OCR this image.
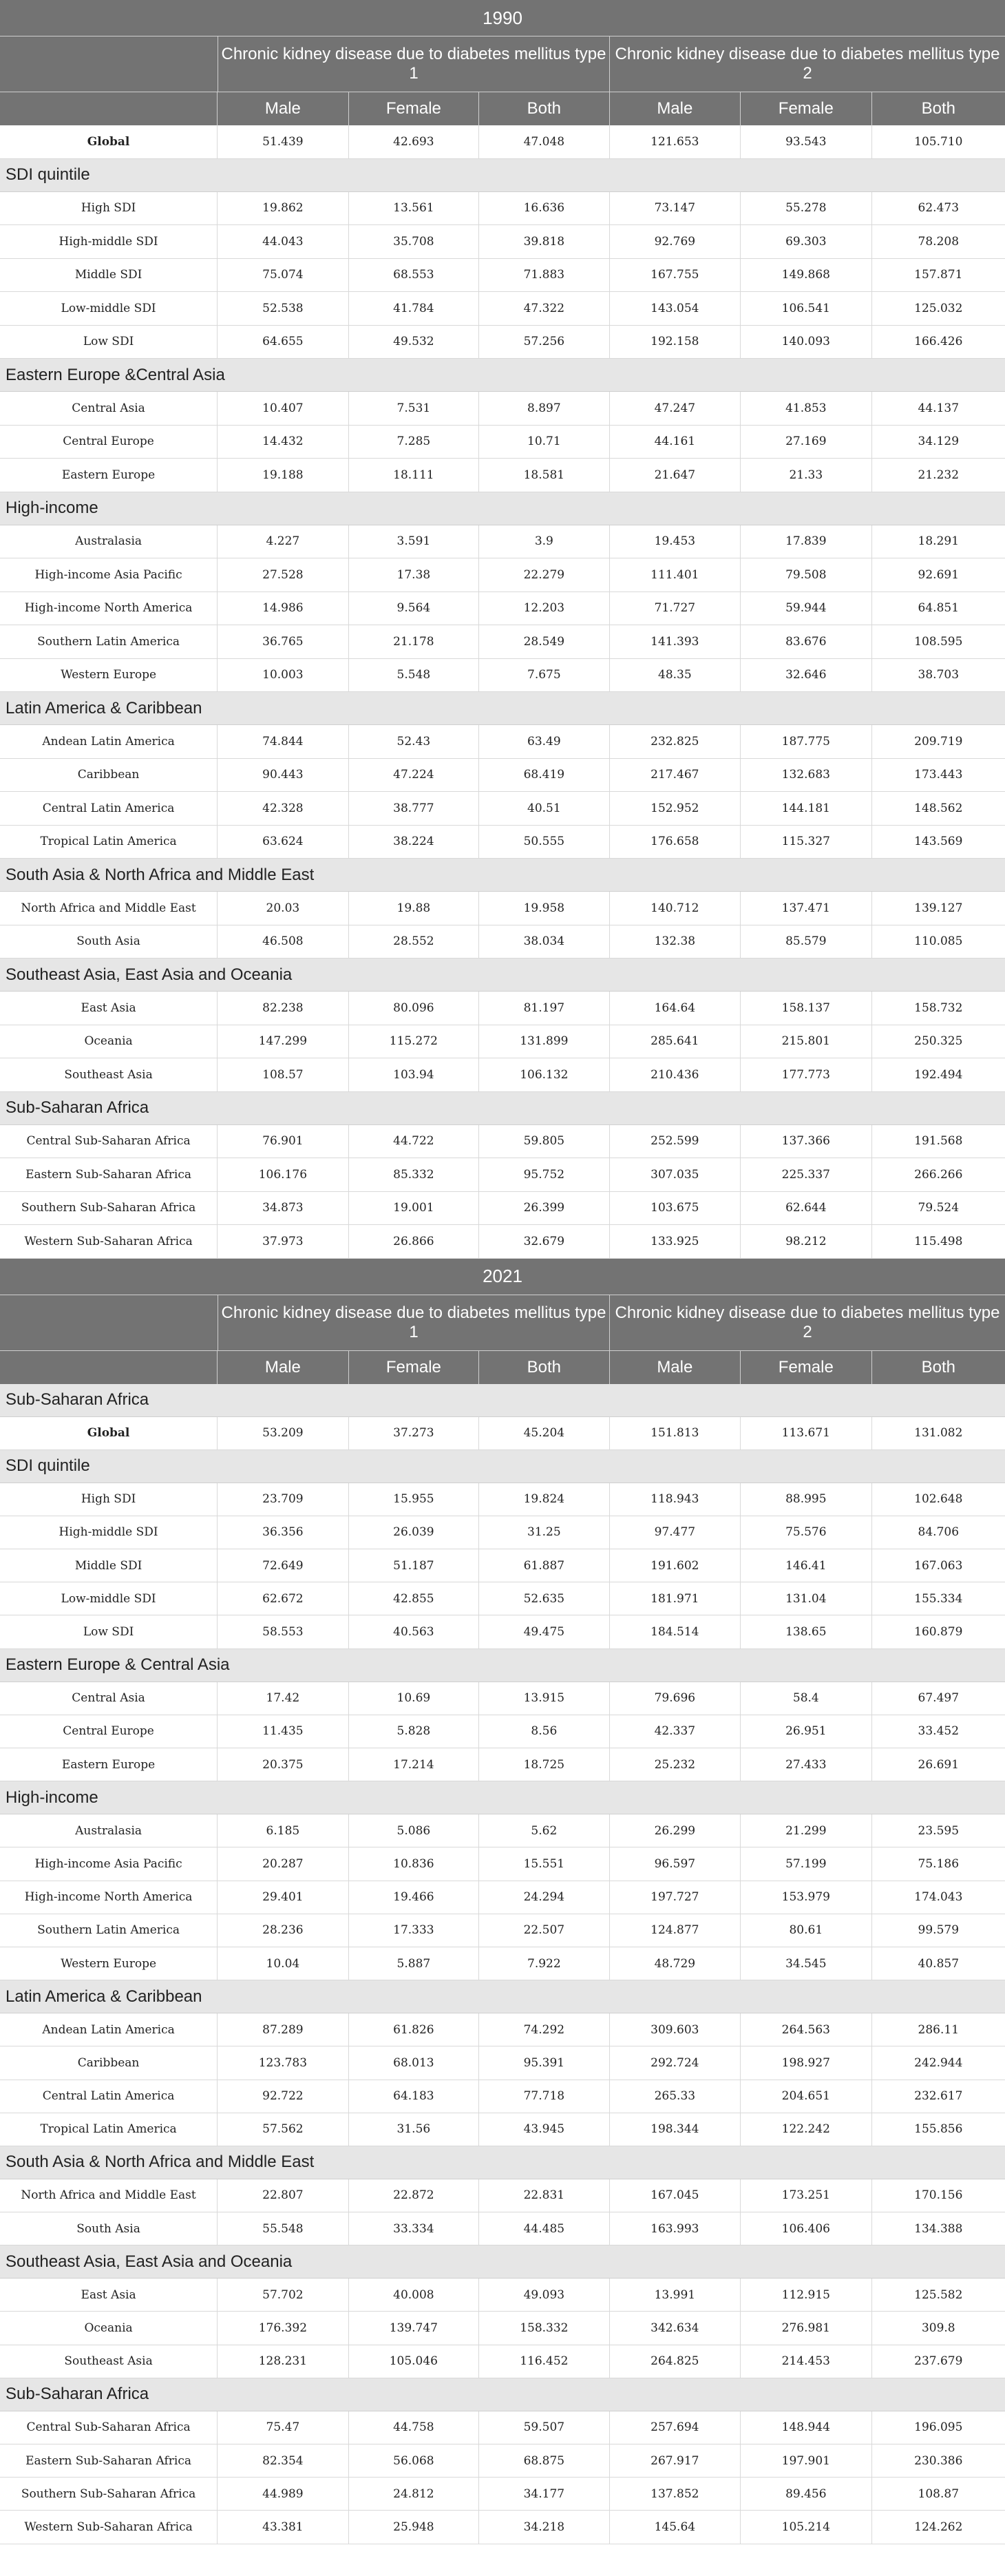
1990
Chronic kidney disease due to diabetes mellitus type 1
Chronic kidney disease due to diabetes mellitus type 2
Male	Female	Both	Male	Female	Both
Global	51.439	42.693	47.048	121.653	93.543	105.710
SDI quintile
High SDI	19.862	13.561	16.636	73.147	55.278	62.473
High-middle SDI	44.043	35.708	39.818	92.769	69.303	78.208
Middle SDI	75.074	68.553	71.883	167.755	149.868	157.871
Low-middle SDI	52.538	41.784	47.322	143.054	106.541	125.032
Low SDI	64.655	49.532	57.256	192.158	140.093	166.426
Eastern Europe &Central Asia
Central Asia	10.407	7.531	8.897	47.247	41.853	44.137
Central Europe	14.432	7.285	10.71	44.161	27.169	34.129
Eastern Europe	19.188	18.111	18.581	21.647	21.33	21.232
High-income
Australasia	4.227	3.591	3.9	19.453	17.839	18.291
High-income Asia Pacific	27.528	17.38	22.279	111.401	79.508	92.691
High-income North America	14.986	9.564	12.203	71.727	59.944	64.851
Southern Latin America	36.765	21.178	28.549	141.393	83.676	108.595
Western Europe	10.003	5.548	7.675	48.35	32.646	38.703
Latin America & Caribbean
Andean Latin America	74.844	52.43	63.49	232.825	187.775	209.719
Caribbean	90.443	47.224	68.419	217.467	132.683	173.443
Central Latin America	42.328	38.777	40.51	152.952	144.181	148.562
Tropical Latin America	63.624	38.224	50.555	176.658	115.327	143.569
South Asia & North Africa and Middle East
North Africa and Middle East	20.03	19.88	19.958	140.712	137.471	139.127
South Asia	46.508	28.552	38.034	132.38	85.579	110.085
Southeast Asia, East Asia and Oceania
East Asia	82.238	80.096	81.197	164.64	158.137	158.732
Oceania	147.299	115.272	131.899	285.641	215.801	250.325
Southeast Asia	108.57	103.94	106.132	210.436	177.773	192.494
Sub-Saharan Africa
Central Sub-Saharan Africa	76.901	44.722	59.805	252.599	137.366	191.568
Eastern Sub-Saharan Africa	106.176	85.332	95.752	307.035	225.337	266.266
Southern Sub-Saharan Africa	34.873	19.001	26.399	103.675	62.644	79.524
Western Sub-Saharan Africa	37.973	26.866	32.679	133.925	98.212	115.498
2021
Chronic kidney disease due to diabetes mellitus type 1
Chronic kidney disease due to diabetes mellitus type 2
Male	Female	Both	Male	Female	Both
Sub-Saharan Africa
Global	53.209	37.273	45.204	151.813	113.671	131.082
SDI quintile
High SDI	23.709	15.955	19.824	118.943	88.995	102.648
High-middle SDI	36.356	26.039	31.25	97.477	75.576	84.706
Middle SDI	72.649	51.187	61.887	191.602	146.41	167.063
Low-middle SDI	62.672	42.855	52.635	181.971	131.04	155.334
Low SDI	58.553	40.563	49.475	184.514	138.65	160.879
Eastern Europe & Central Asia
Central Asia	17.42	10.69	13.915	79.696	58.4	67.497
Central Europe	11.435	5.828	8.56	42.337	26.951	33.452
Eastern Europe	20.375	17.214	18.725	25.232	27.433	26.691
High-income
Australasia	6.185	5.086	5.62	26.299	21.299	23.595
High-income Asia Pacific	20.287	10.836	15.551	96.597	57.199	75.186
High-income North America	29.401	19.466	24.294	197.727	153.979	174.043
Southern Latin America	28.236	17.333	22.507	124.877	80.61	99.579
Western Europe	10.04	5.887	7.922	48.729	34.545	40.857
Latin America & Caribbean
Andean Latin America	87.289	61.826	74.292	309.603	264.563	286.11
Caribbean	123.783	68.013	95.391	292.724	198.927	242.944
Central Latin America	92.722	64.183	77.718	265.33	204.651	232.617
Tropical Latin America	57.562	31.56	43.945	198.344	122.242	155.856
South Asia & North Africa and Middle East
North Africa and Middle East	22.807	22.872	22.831	167.045	173.251	170.156
South Asia	55.548	33.334	44.485	163.993	106.406	134.388
Southeast Asia, East Asia and Oceania
East Asia	57.702	40.008	49.093	13.991	112.915	125.582
Oceania	176.392	139.747	158.332	342.634	276.981	309.8
Southeast Asia	128.231	105.046	116.452	264.825	214.453	237.679
Sub-Saharan Africa
Central Sub-Saharan Africa	75.47	44.758	59.507	257.694	148.944	196.095
Eastern Sub-Saharan Africa	82.354	56.068	68.875	267.917	197.901	230.386
Southern Sub-Saharan Africa	44.989	24.812	34.177	137.852	89.456	108.87
Western Sub-Saharan Africa	43.381	25.948	34.218	145.64	105.214	124.262
